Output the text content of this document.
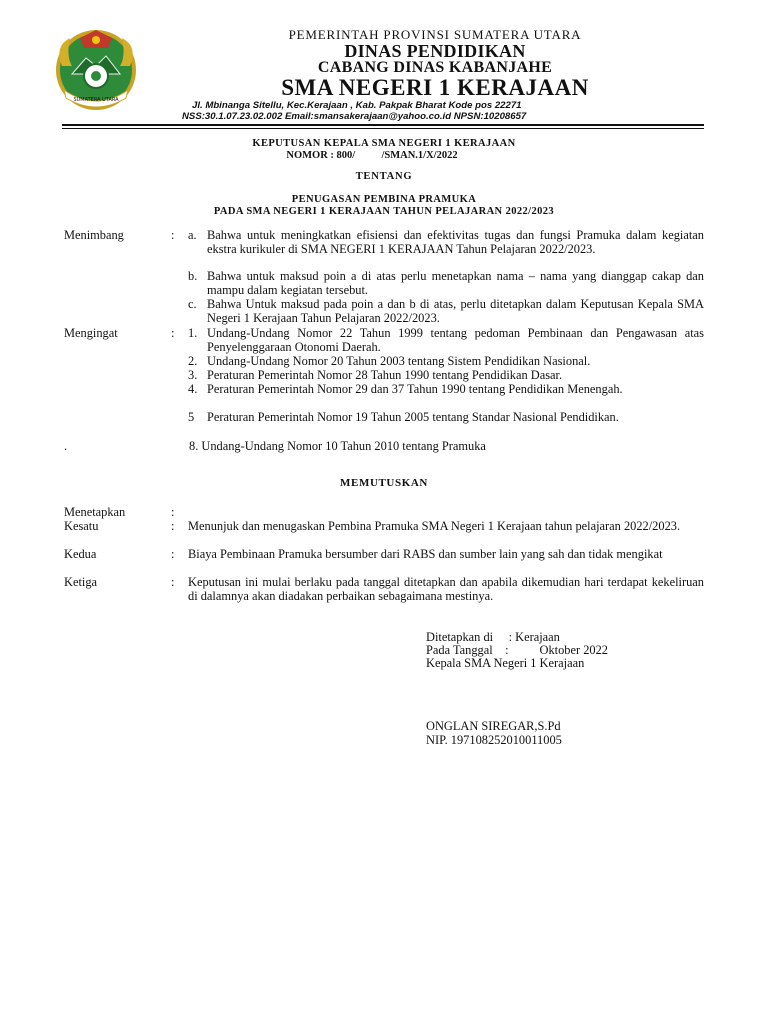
SUMATERA UTARA
PEMERINTAH PROVINSI SUMATERA UTARA
DINAS PENDIDIKAN
CABANG DINAS KABANJAHE
SMA NEGERI 1 KERAJAAN
Jl. Mbinanga Sitellu, Kec.Kerajaan , Kab. Pakpak Bharat Kode pos 22271
NSS:30.1.07.23.02.002 Email:smansakerajaan@yahoo.co.id NPSN:10208657
KEPUTUSAN KEPALA SMA NEGERI 1 KERAJAAN
NOMOR : 800/          /SMAN.1/X/2022
TENTANG
PENUGASAN PEMBINA PRAMUKA
PADA SMA NEGERI 1 KERAJAAN TAHUN PELAJARAN 2022/2023
Menimbang	: a. Bahwa untuk meningkatkan efisiensi dan efektivitas tugas dan fungsi Pramuka dalam kegiatan ekstra kurikuler di SMA NEGERI 1 KERAJAAN Tahun Pelajaran 2022/2023.
b. Bahwa untuk maksud poin a di atas perlu menetapkan nama – nama yang dianggap cakap dan mampu dalam kegiatan tersebut.
c. Bahwa Untuk maksud pada poin a dan b di atas, perlu ditetapkan dalam Keputusan Kepala SMA Negeri 1 Kerajaan Tahun Pelajaran 2022/2023.
Mengingat	: 1. Undang-Undang Nomor 22 Tahun 1999 tentang pedoman Pembinaan dan Pengawasan atas Penyelenggaraan Otonomi Daerah.
2. Undang-Undang Nomor 20 Tahun 2003 tentang Sistem Pendidikan Nasional.
3. Peraturan Pemerintah Nomor 28 Tahun 1990 tentang Pendidikan Dasar.
4. Peraturan Pemerintah Nomor 29 dan 37 Tahun 1990 tentang Pendidikan Menengah.
5 Peraturan Pemerintah Nomor 19 Tahun 2005 tentang Standar Nasional Pendidikan.
.	8. Undang-Undang Nomor 10 Tahun 2010 tentang Pramuka
MEMUTUSKAN
Menetapkan	:
Kesatu	: Menunjuk dan menugaskan Pembina Pramuka SMA Negeri 1 Kerajaan tahun pelajaran 2022/2023.
Kedua	: Biaya Pembinaan Pramuka bersumber dari RABS dan sumber lain yang sah dan tidak mengikat
Ketiga	: Keputusan ini mulai berlaku pada tanggal ditetapkan dan apabila dikemudian hari terdapat kekeliruan di dalamnya akan diadakan perbaikan sebagaimana mestinya.
Ditetapkan di     : Kerajaan
Pada Tanggal    :          Oktober 2022
Kepala SMA Negeri 1 Kerajaan
ONGLAN SIREGAR,S.Pd
NIP. 197108252010011005
